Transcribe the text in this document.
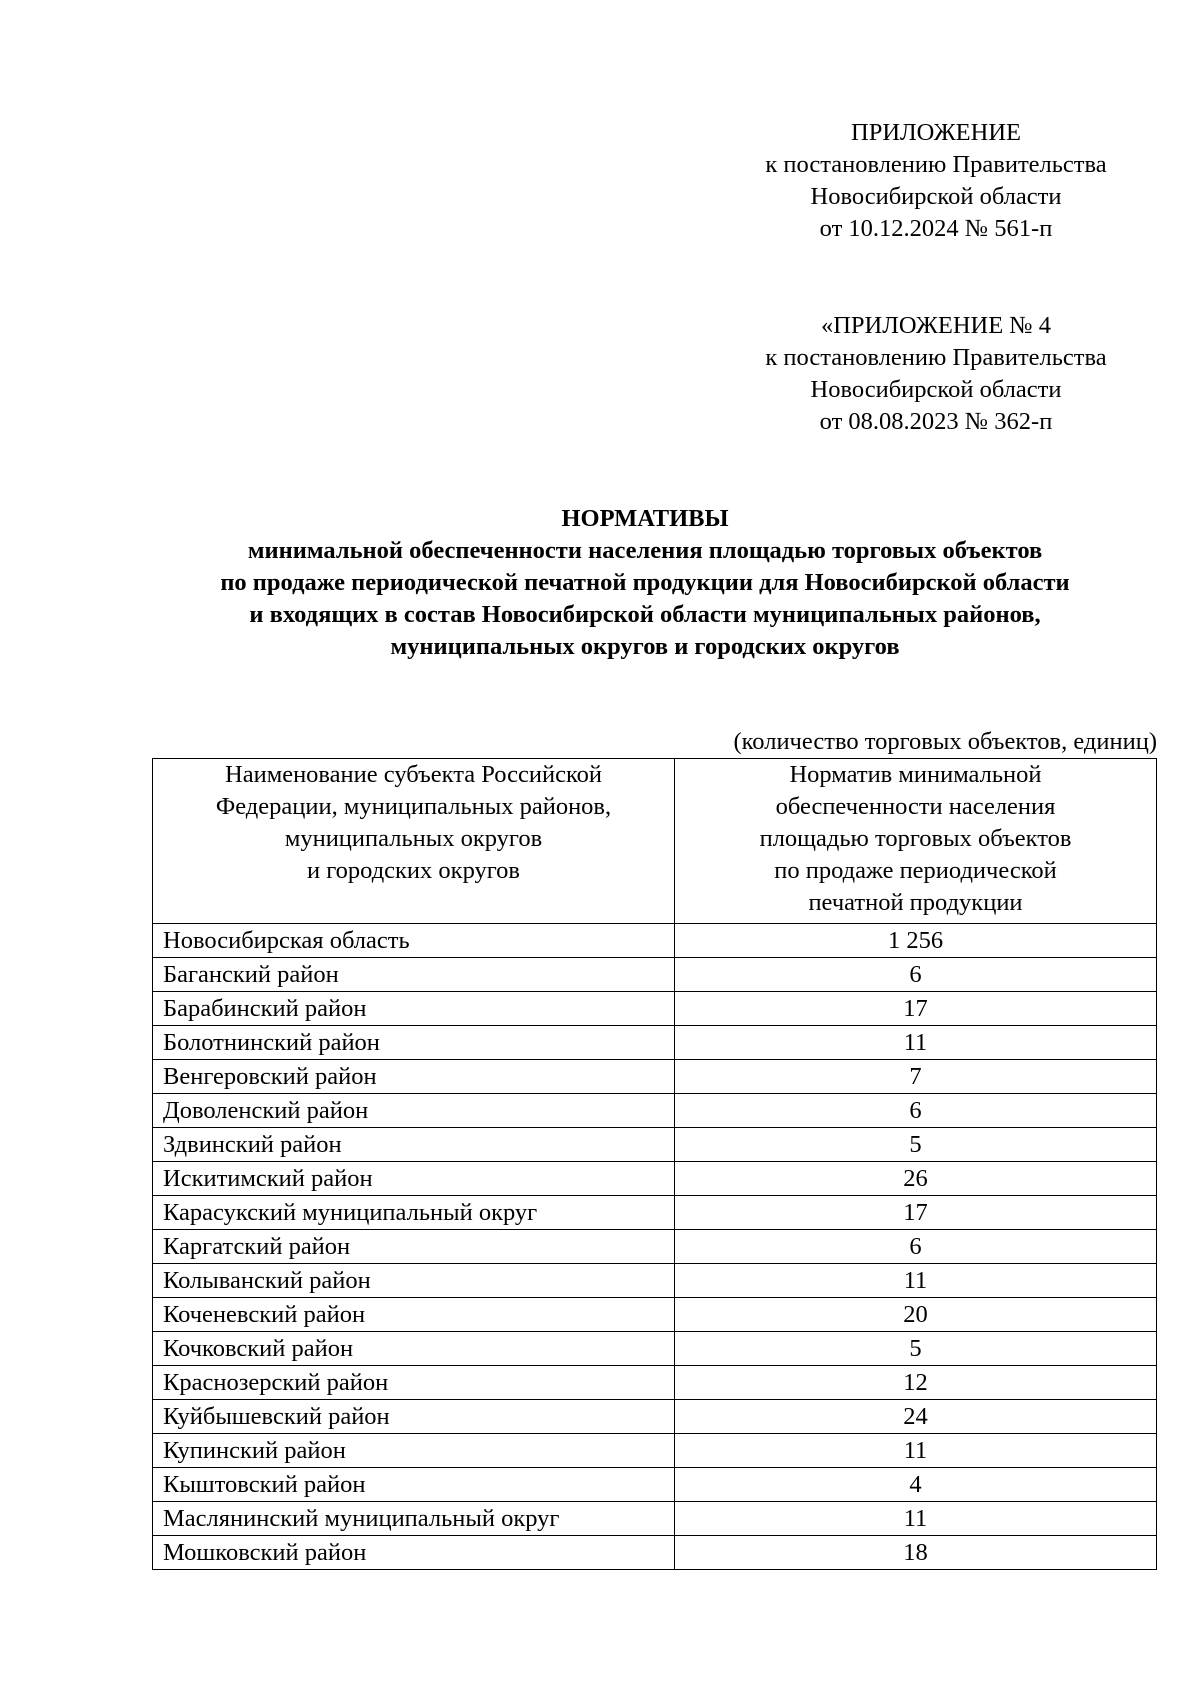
ПРИЛОЖЕНИЕ
к постановлению Правительства
Новосибирской области
от 10.12.2024 № 561-п
«ПРИЛОЖЕНИЕ № 4
к постановлению Правительства
Новосибирской области
от 08.08.2023 № 362-п
НОРМАТИВЫ
минимальной обеспеченности населения площадью торговых объектов
по продаже периодической печатной продукции для Новосибирской области
и входящих в состав Новосибирской области муниципальных районов,
муниципальных округов и городских округов
(количество торговых объектов, единиц)
Наименование субъекта Российской
Федерации, муниципальных районов,
муниципальных округов
и городских округов	Норматив минимальной
обеспеченности населения
площадью торговых объектов
по продаже периодической
печатной продукции

Новосибирская область	1 256
Баганский район	6
Барабинский район	17
Болотнинский район	11
Венгеровский район	7
Доволенский район	6
Здвинский район	5
Искитимский район	26
Карасукский муниципальный округ	17
Каргатский район	6
Колыванский район	11
Коченевский район	20
Кочковский район	5
Краснозерский район	12
Куйбышевский район	24
Купинский район	11
Кыштовский район	4
Маслянинский муниципальный округ	11
Мошковский район	18
